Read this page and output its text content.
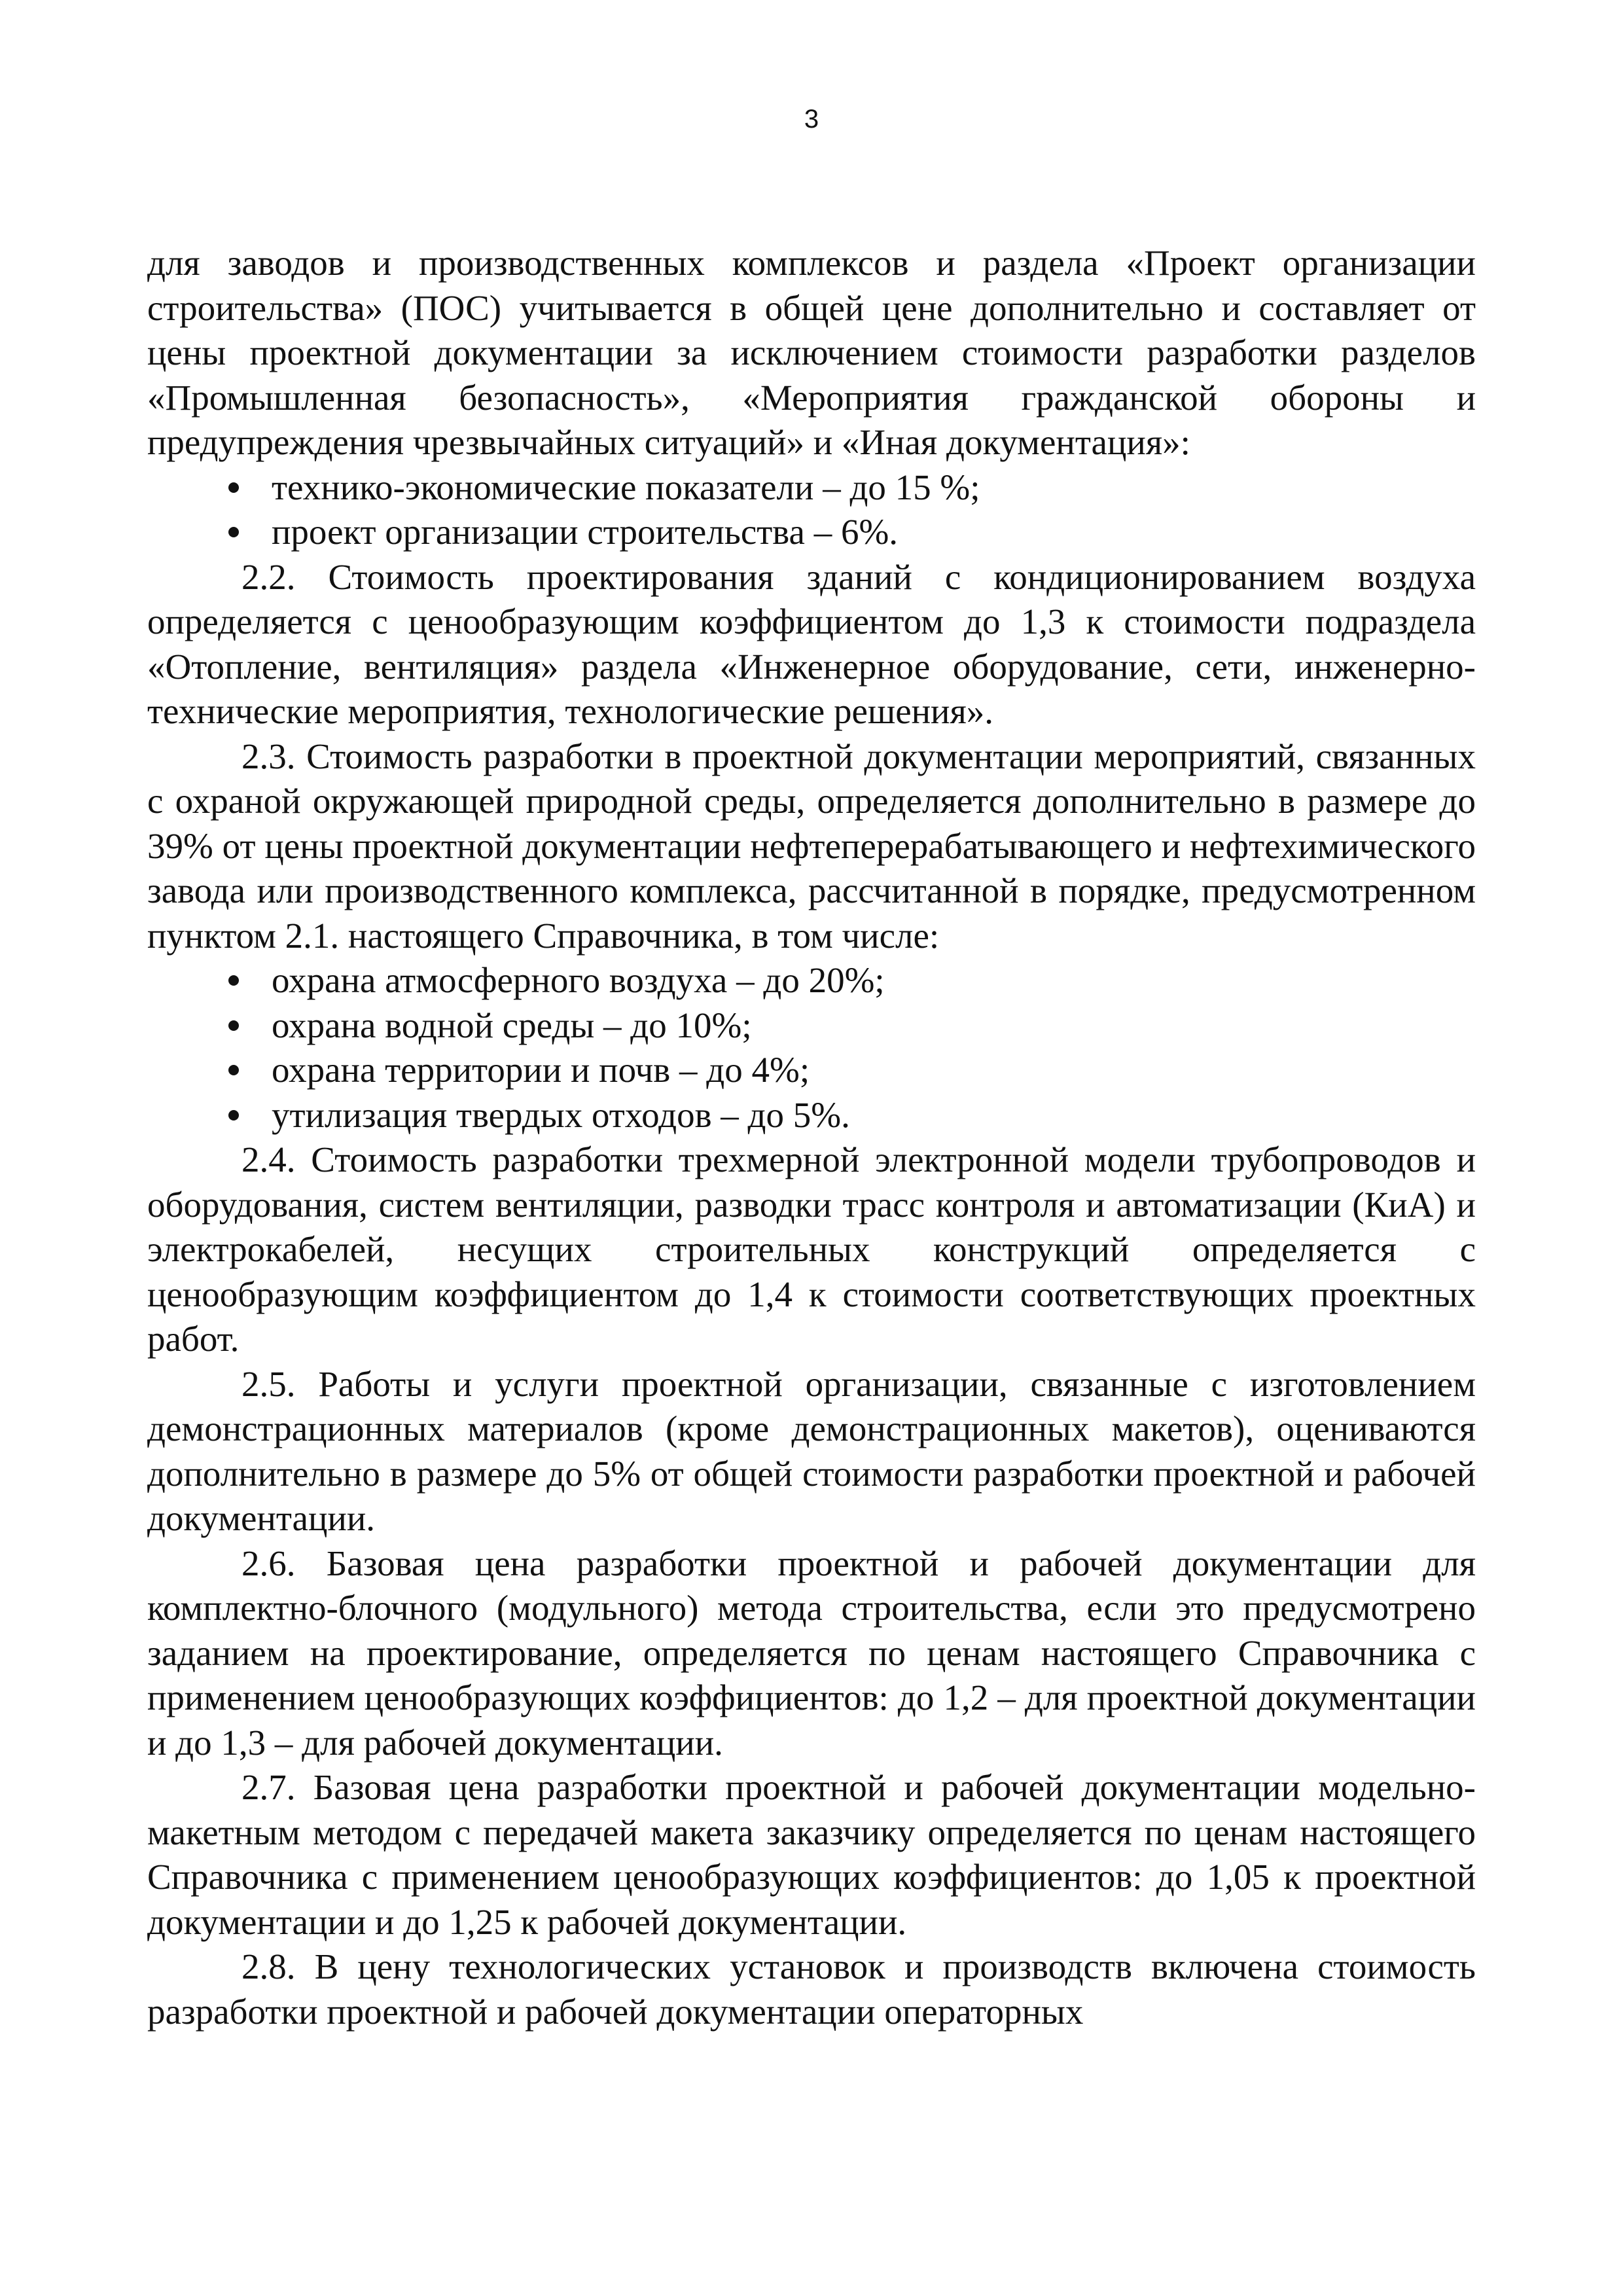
3

для заводов и производственных комплексов и раздела «Проект организации строительства» (ПОС) учитывается в общей цене дополнительно и составляет от цены проектной документации за исключением стоимости разработки разделов «Промышленная безопасность», «Мероприятия гражданской обороны и предупреждения чрезвычайных ситуаций» и «Иная документация»:

технико-экономические показатели – до 15 %;
проект организации строительства – 6%.

2.2. Стоимость проектирования зданий с кондиционированием воздуха определяется с ценообразующим коэффициентом до 1,3 к стоимости подраздела «Отопление, вентиляция» раздела «Инженерное оборудование, сети, инженерно-технические мероприятия, технологические решения».

2.3. Стоимость разработки в проектной документации мероприятий, связанных с охраной окружающей природной среды, определяется дополнительно в размере до 39% от цены проектной документации нефтеперерабатывающего и нефтехимического завода или производственного комплекса, рассчитанной в порядке, предусмотренном пунктом 2.1. настоящего Справочника, в том числе:

охрана атмосферного воздуха – до 20%;
охрана водной среды – до 10%;
охрана территории и почв – до 4%;
утилизация твердых отходов – до 5%.

2.4. Стоимость разработки трехмерной электронной модели трубопроводов и оборудования, систем вентиляции, разводки трасс контроля и автоматизации (КиА) и электрокабелей, несущих строительных конструкций определяется с ценообразующим коэффициентом до 1,4 к стоимости соответствующих проектных работ.

2.5. Работы и услуги проектной организации, связанные с изготовлением демонстрационных материалов (кроме демонстрационных макетов), оцениваются дополнительно в размере до 5% от общей стоимости разработки проектной и рабочей документации.

2.6. Базовая цена разработки проектной и рабочей документации для комплектно-блочного (модульного) метода строительства, если это предусмотрено заданием на проектирование, определяется по ценам настоящего Справочника с применением ценообразующих коэффициентов: до 1,2 – для проектной документации и до 1,3 – для рабочей документации.

2.7. Базовая цена разработки проектной и рабочей документации модельно-макетным методом с передачей макета заказчику определяется по ценам настоящего Справочника с применением ценообразующих коэффициентов: до 1,05 к проектной документации и до 1,25 к рабочей документации.

2.8. В цену технологических установок и производств включена стоимость разработки проектной и рабочей документации операторных
